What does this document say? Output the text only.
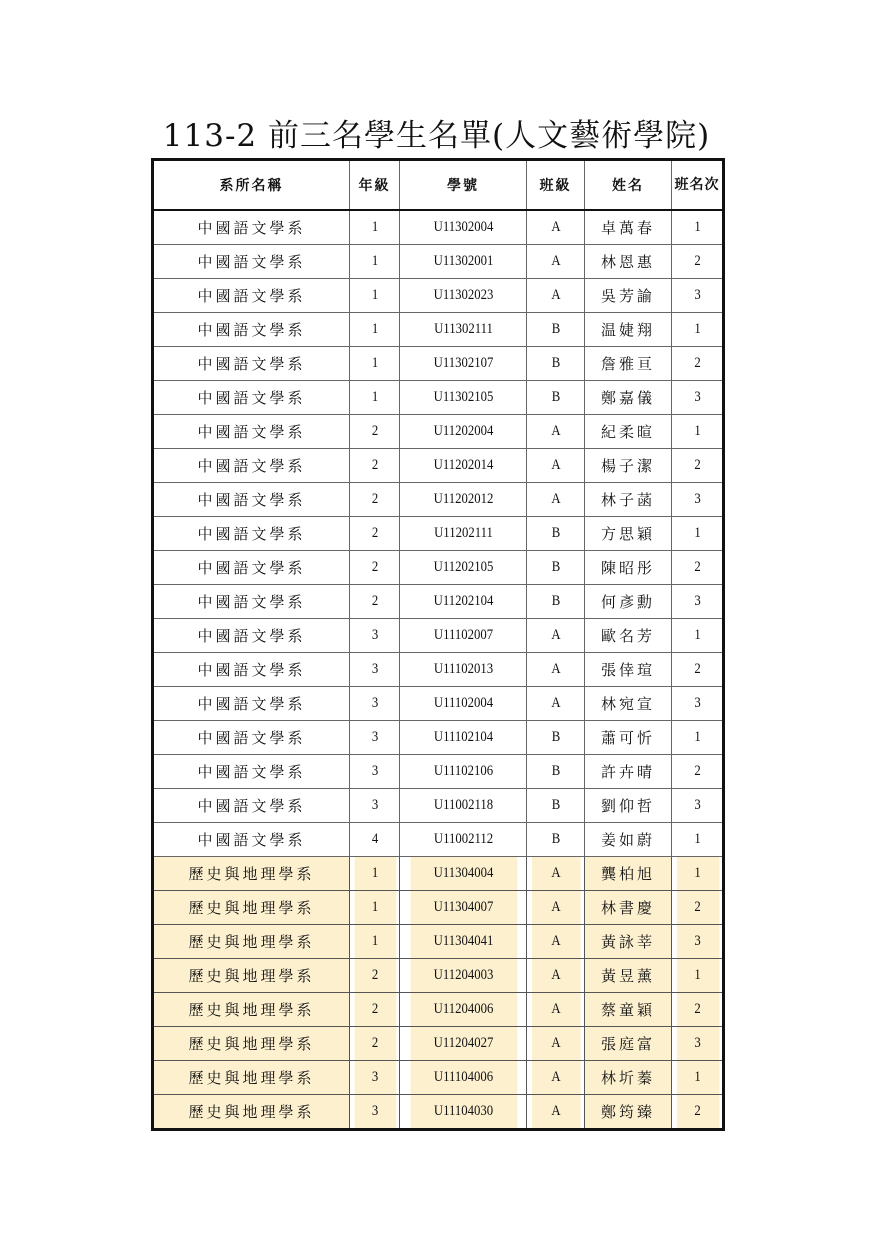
113-2 前三名學生名單(人文藝術學院)
系所名稱	年級	學號	班級	姓名	班名次
中國語文學系	1	U11302004	A	卓萬春	1
中國語文學系	1	U11302001	A	林恩惠	2
中國語文學系	1	U11302023	A	吳芳諭	3
中國語文學系	1	U11302111	B	温婕翔	1
中國語文學系	1	U11302107	B	詹雅亘	2
中國語文學系	1	U11302105	B	鄭嘉儀	3
中國語文學系	2	U11202004	A	紀柔暄	1
中國語文學系	2	U11202014	A	楊子潔	2
中國語文學系	2	U11202012	A	林子菡	3
中國語文學系	2	U11202111	B	方思穎	1
中國語文學系	2	U11202105	B	陳昭彤	2
中國語文學系	2	U11202104	B	何彥勳	3
中國語文學系	3	U11102007	A	歐名芳	1
中國語文學系	3	U11102013	A	張倖瑄	2
中國語文學系	3	U11102004	A	林宛宣	3
中國語文學系	3	U11102104	B	蕭可忻	1
中國語文學系	3	U11102106	B	許卉晴	2
中國語文學系	3	U11002118	B	劉仰哲	3
中國語文學系	4	U11002112	B	姜如蔚	1
歷史與地理學系	1	U11304004	A	龔柏旭	1
歷史與地理學系	1	U11304007	A	林書慶	2
歷史與地理學系	1	U11304041	A	黃詠莘	3
歷史與地理學系	2	U11204003	A	黃昱薰	1
歷史與地理學系	2	U11204006	A	蔡童穎	2
歷史與地理學系	2	U11204027	A	張庭富	3
歷史與地理學系	3	U11104006	A	林圻蓁	1
歷史與地理學系	3	U11104030	A	鄭筠臻	2
